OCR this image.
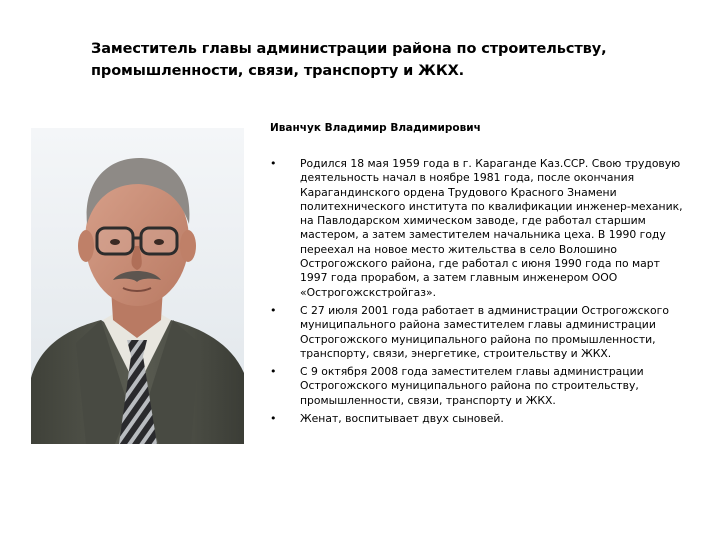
Заместитель главы администрации района по строительству,
промышленности, связи, транспорту и ЖКХ.
Иванчук Владимир Владимирович
•	Родился 18 мая 1959 года в г. Караганде Каз.ССР. Свою трудовую деятельность начал в ноябре 1981 года, после окончания Карагандинского ордена Трудового Красного Знамени политехнического института по квалификации инженер-механик, на Павлодарском химическом заводе, где работал старшим мастером, а затем заместителем начальника цеха. В 1990 году переехал на новое место жительства в село Волошино Острогожского района, где работал с июня 1990 года по март 1997 года прорабом, а затем главным инженером ООО «Острогожскстройгаз».
•	С 27 июля 2001 года работает в администрации Острогожского муниципального района заместителем главы администрации Острогожского муниципального района по промышленности, транспорту, связи, энергетике, строительству и ЖКХ.
•	С 9 октября 2008 года заместителем главы администрации Острогожского муниципального района по строительству, промышленности, связи, транспорту и ЖКХ.
•	Женат, воспитывает двух сыновей.
